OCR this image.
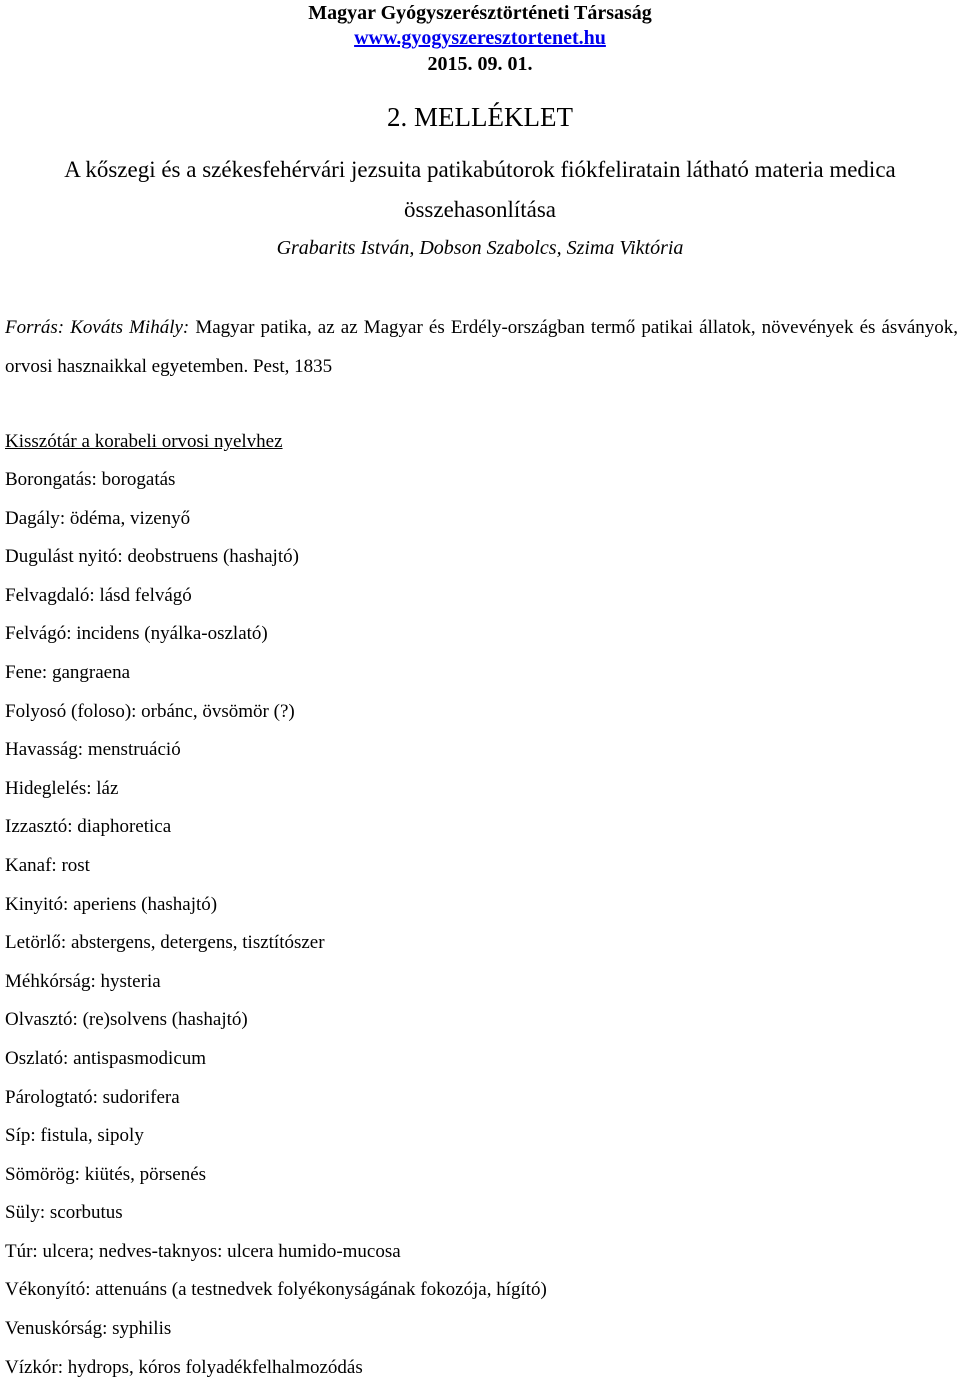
Magyar Gyógyszerésztörténeti Társaság
www.gyogyszeresztortenet.hu
2015. 09. 01.
2. MELLÉKLET
A kőszegi és a székesfehérvári jezsuita patikabútorok fiókfeliratain látható materia medica összehasonlítása
Grabarits István, Dobson Szabolcs, Szima Viktória
Forrás: Kováts Mihály: Magyar patika, az az Magyar és Erdély-országban termő patikai állatok, növevények és ásványok, orvosi hasznaikkal egyetemben. Pest, 1835
Kisszótár a korabeli orvosi nyelvhez
Borongatás: borogatás
Dagály: ödéma, vizenyő
Dugulást nyitó: deobstruens (hashajtó)
Felvagdaló: lásd felvágó
Felvágó: incidens (nyálka-oszlató)
Fene: gangraena
Folyosó (foloso): orbánc, övsömör (?)
Havasság: menstruáció
Hideglelés: láz
Izzasztó: diaphoretica
Kanaf: rost
Kinyitó: aperiens (hashajtó)
Letörlő: abstergens, detergens, tisztítószer
Méhkórság: hysteria
Olvasztó: (re)solvens (hashajtó)
Oszlató: antispasmodicum
Párologtató: sudorifera
Síp: fistula, sipoly
Sömörög: kiütés, pörsenés
Süly: scorbutus
Túr: ulcera; nedves-taknyos: ulcera humido-mucosa
Vékonyító: attenuáns (a testnedvek folyékonyságának fokozója, hígító)
Venuskórság: syphilis
Vízkór: hydrops, kóros folyadékfelhalmozódás
